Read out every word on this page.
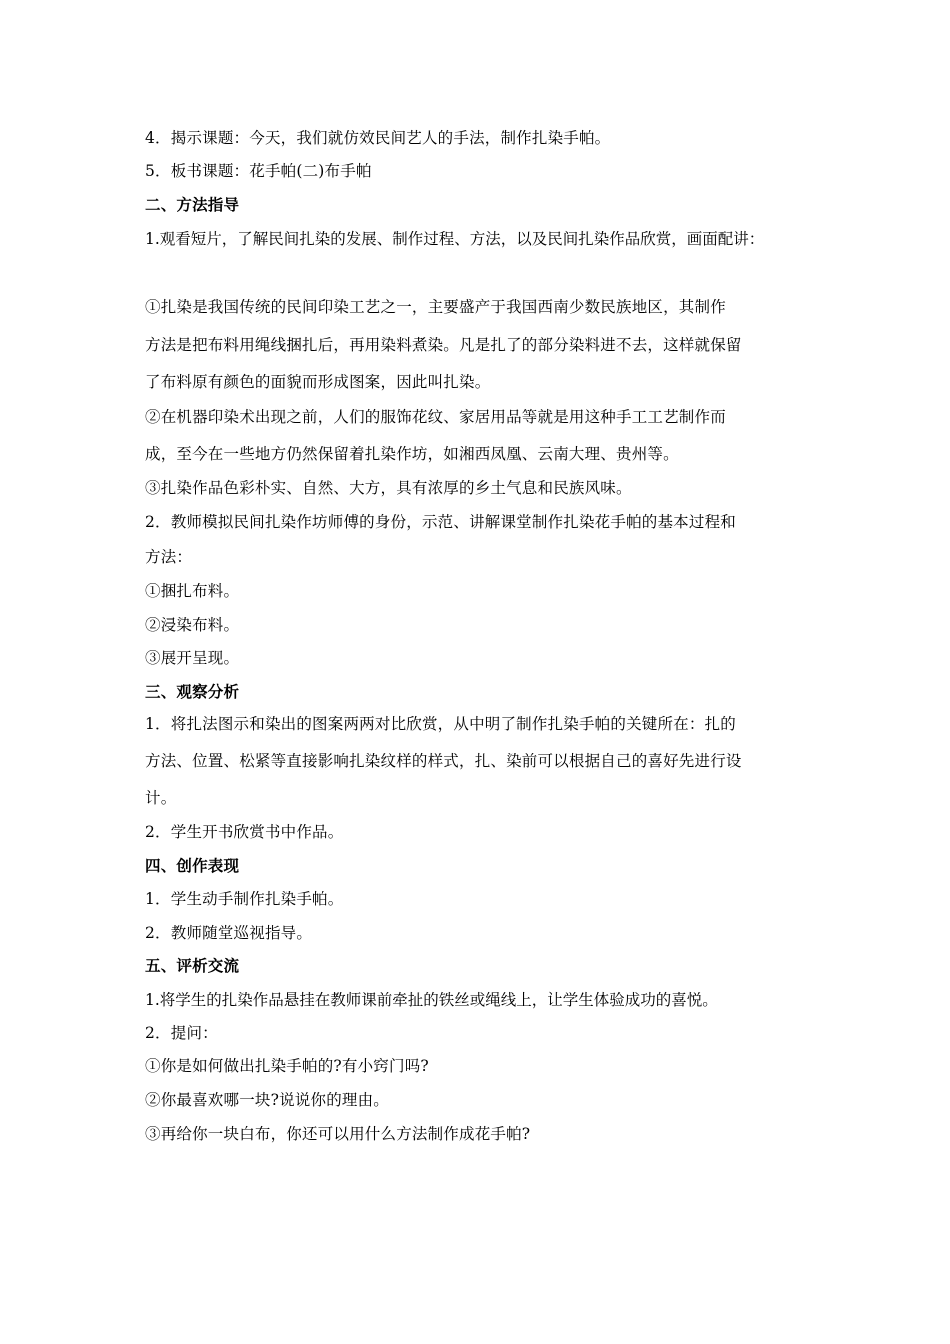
4．揭示课题：今天，我们就仿效民间艺人的手法，制作扎染手帕。
5．板书课题：花手帕(二)布手帕
二、方法指导
1.观看短片，了解民间扎染的发展、制作过程、方法，以及民间扎染作品欣赏，画面配讲：
①扎染是我国传统的民间印染工艺之一，主要盛产于我国西南少数民族地区，其制作
方法是把布料用绳线捆扎后，再用染料煮染。凡是扎了的部分染料进不去，这样就保留
了布料原有颜色的面貌而形成图案，因此叫扎染。
②在机器印染术出现之前，人们的服饰花纹、家居用品等就是用这种手工工艺制作而
成，至今在一些地方仍然保留着扎染作坊，如湘西凤凰、云南大理、贵州等。
③扎染作品色彩朴实、自然、大方，具有浓厚的乡土气息和民族风味。
2．教师模拟民间扎染作坊师傅的身份，示范、讲解课堂制作扎染花手帕的基本过程和
方法：
①捆扎布料。
②浸染布料。
③展开呈现。
三、观察分析
1．将扎法图示和染出的图案两两对比欣赏，从中明了制作扎染手帕的关键所在：扎的
方法、位置、松紧等直接影响扎染纹样的样式，扎、染前可以根据自己的喜好先进行设
计。
2．学生开书欣赏书中作品。
四、创作表现
1．学生动手制作扎染手帕。
2．教师随堂巡视指导。
五、评析交流
1.将学生的扎染作品悬挂在教师课前牵扯的铁丝或绳线上，让学生体验成功的喜悦。
2．提问：
①你是如何做出扎染手帕的?有小窍门吗?
②你最喜欢哪一块?说说你的理由。
③再给你一块白布，你还可以用什么方法制作成花手帕?
